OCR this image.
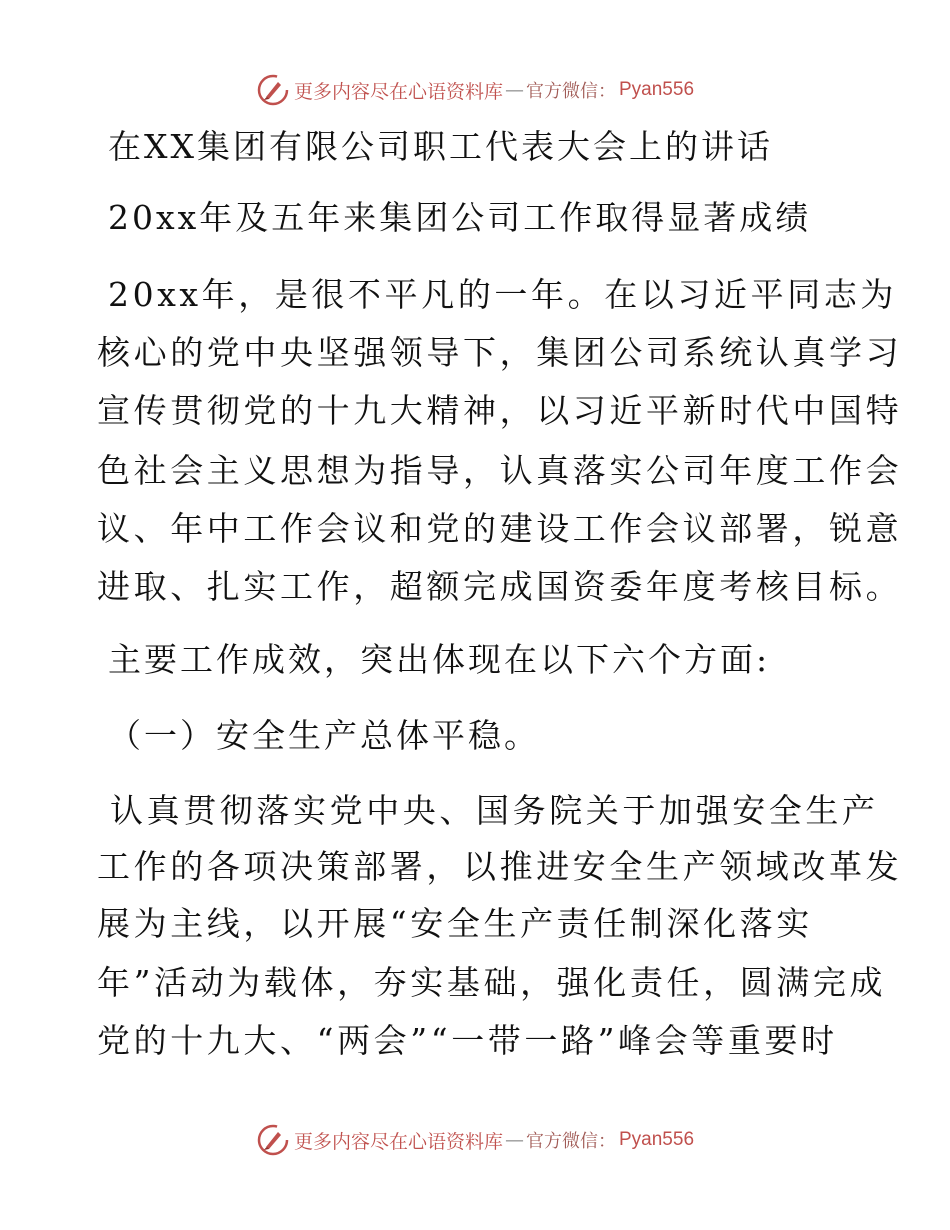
更多内容尽在心语资料库 — 官方微信： Pyan556

在XX集团有限公司职工代表大会上的讲话

20xx年及五年来集团公司工作取得显著成绩

20xx年，是很不平凡的一年。在以习近平同志为

核心的党中央坚强领导下，集团公司系统认真学习

宣传贯彻党的十九大精神，以习近平新时代中国特

色社会主义思想为指导，认真落实公司年度工作会

议、年中工作会议和党的建设工作会议部署，锐意

进取、扎实工作，超额完成国资委年度考核目标。

主要工作成效，突出体现在以下六个方面:

（一）安全生产总体平稳。

认真贯彻落实党中央、国务院关于加强安全生产

工作的各项决策部署，以推进安全生产领域改革发

展为主线，以开展“安全生产责任制深化落实

年”活动为载体，夯实基础，强化责任，圆满完成

党的十九大、“两会”“一带一路”峰会等重要时

更多内容尽在心语资料库 — 官方微信： Pyan556
